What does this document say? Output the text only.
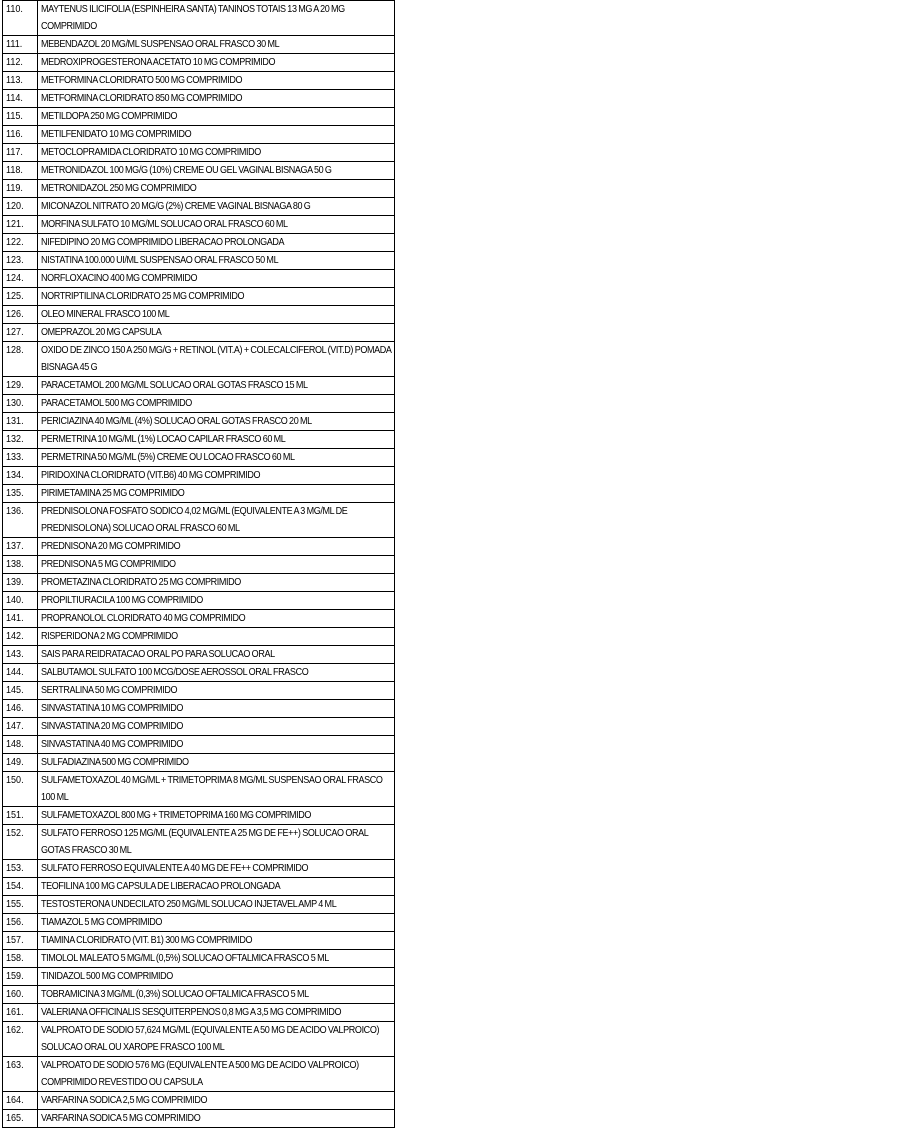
110.	MAYTENUS ILICIFOLIA (ESPINHEIRA SANTA) TANINOS TOTAIS 13 MG A 20 MG COMPRIMIDO
111.	MEBENDAZOL 20 MG/ML SUSPENSAO ORAL FRASCO 30 ML
112.	MEDROXIPROGESTERONA ACETATO 10 MG COMPRIMIDO
113.	METFORMINA CLORIDRATO 500 MG COMPRIMIDO
114.	METFORMINA CLORIDRATO 850 MG COMPRIMIDO
115.	METILDOPA 250 MG COMPRIMIDO
116.	METILFENIDATO 10 MG COMPRIMIDO
117.	METOCLOPRAMIDA CLORIDRATO 10 MG COMPRIMIDO
118.	METRONIDAZOL 100 MG/G (10%) CREME OU GEL VAGINAL BISNAGA 50 G
119.	METRONIDAZOL 250 MG COMPRIMIDO
120.	MICONAZOL NITRATO 20 MG/G (2%) CREME VAGINAL BISNAGA 80 G
121.	MORFINA SULFATO 10 MG/ML SOLUCAO ORAL FRASCO 60 ML
122.	NIFEDIPINO 20 MG COMPRIMIDO LIBERACAO PROLONGADA
123.	NISTATINA 100.000 UI/ML SUSPENSAO ORAL FRASCO 50 ML
124.	NORFLOXACINO 400 MG COMPRIMIDO
125.	NORTRIPTILINA CLORIDRATO 25 MG COMPRIMIDO
126.	OLEO MINERAL FRASCO 100 ML
127.	OMEPRAZOL 20 MG CAPSULA
128.	OXIDO DE ZINCO 150 A 250 MG/G + RETINOL (VIT.A) + COLECALCIFEROL (VIT.D) POMADA BISNAGA 45 G
129.	PARACETAMOL 200 MG/ML SOLUCAO ORAL GOTAS FRASCO 15 ML
130.	PARACETAMOL 500 MG COMPRIMIDO
131.	PERICIAZINA 40 MG/ML (4%) SOLUCAO ORAL GOTAS FRASCO 20 ML
132.	PERMETRINA 10 MG/ML (1%) LOCAO CAPILAR FRASCO 60 ML
133.	PERMETRINA 50 MG/ML (5%) CREME OU LOCAO FRASCO 60 ML
134.	PIRIDOXINA CLORIDRATO (VIT.B6) 40 MG COMPRIMIDO
135.	PIRIMETAMINA 25 MG COMPRIMIDO
136.	PREDNISOLONA FOSFATO SODICO 4,02 MG/ML (EQUIVALENTE A 3 MG/ML DE PREDNISOLONA) SOLUCAO ORAL FRASCO 60 ML
137.	PREDNISONA 20 MG COMPRIMIDO
138.	PREDNISONA 5 MG COMPRIMIDO
139.	PROMETAZINA CLORIDRATO 25 MG COMPRIMIDO
140.	PROPILTIURACILA 100 MG COMPRIMIDO
141.	PROPRANOLOL CLORIDRATO 40 MG COMPRIMIDO
142.	RISPERIDONA 2 MG COMPRIMIDO
143.	SAIS PARA REIDRATACAO ORAL PO PARA SOLUCAO ORAL
144.	SALBUTAMOL SULFATO 100 MCG/DOSE AEROSSOL ORAL FRASCO
145.	SERTRALINA 50 MG COMPRIMIDO
146.	SINVASTATINA 10 MG COMPRIMIDO
147.	SINVASTATINA 20 MG COMPRIMIDO
148.	SINVASTATINA 40 MG COMPRIMIDO
149.	SULFADIAZINA 500 MG COMPRIMIDO
150.	SULFAMETOXAZOL 40 MG/ML + TRIMETOPRIMA 8 MG/ML SUSPENSAO ORAL FRASCO 100 ML
151.	SULFAMETOXAZOL 800 MG + TRIMETOPRIMA 160 MG COMPRIMIDO
152.	SULFATO FERROSO 125 MG/ML (EQUIVALENTE A 25 MG DE FE++) SOLUCAO ORAL GOTAS FRASCO 30 ML
153.	SULFATO FERROSO EQUIVALENTE A 40 MG DE FE++ COMPRIMIDO
154.	TEOFILINA 100 MG CAPSULA DE LIBERACAO PROLONGADA
155.	TESTOSTERONA UNDECILATO 250 MG/ML SOLUCAO INJETAVEL AMP 4 ML
156.	TIAMAZOL 5 MG COMPRIMIDO
157.	TIAMINA CLORIDRATO (VIT. B1) 300 MG COMPRIMIDO
158.	TIMOLOL MALEATO 5 MG/ML (0,5%) SOLUCAO OFTALMICA FRASCO 5 ML
159.	TINIDAZOL 500 MG COMPRIMIDO
160.	TOBRAMICINA 3 MG/ML (0,3%) SOLUCAO OFTALMICA FRASCO 5 ML
161.	VALERIANA OFFICINALIS SESQUITERPENOS 0,8 MG A 3,5 MG COMPRIMIDO
162.	VALPROATO DE SODIO 57,624 MG/ML (EQUIVALENTE A 50 MG DE ACIDO VALPROICO) SOLUCAO ORAL OU XAROPE FRASCO 100 ML
163.	VALPROATO DE SODIO 576 MG (EQUIVALENTE A 500 MG DE ACIDO VALPROICO) COMPRIMIDO REVESTIDO OU CAPSULA
164.	VARFARINA SODICA 2,5 MG COMPRIMIDO
165.	VARFARINA SODICA 5 MG COMPRIMIDO
